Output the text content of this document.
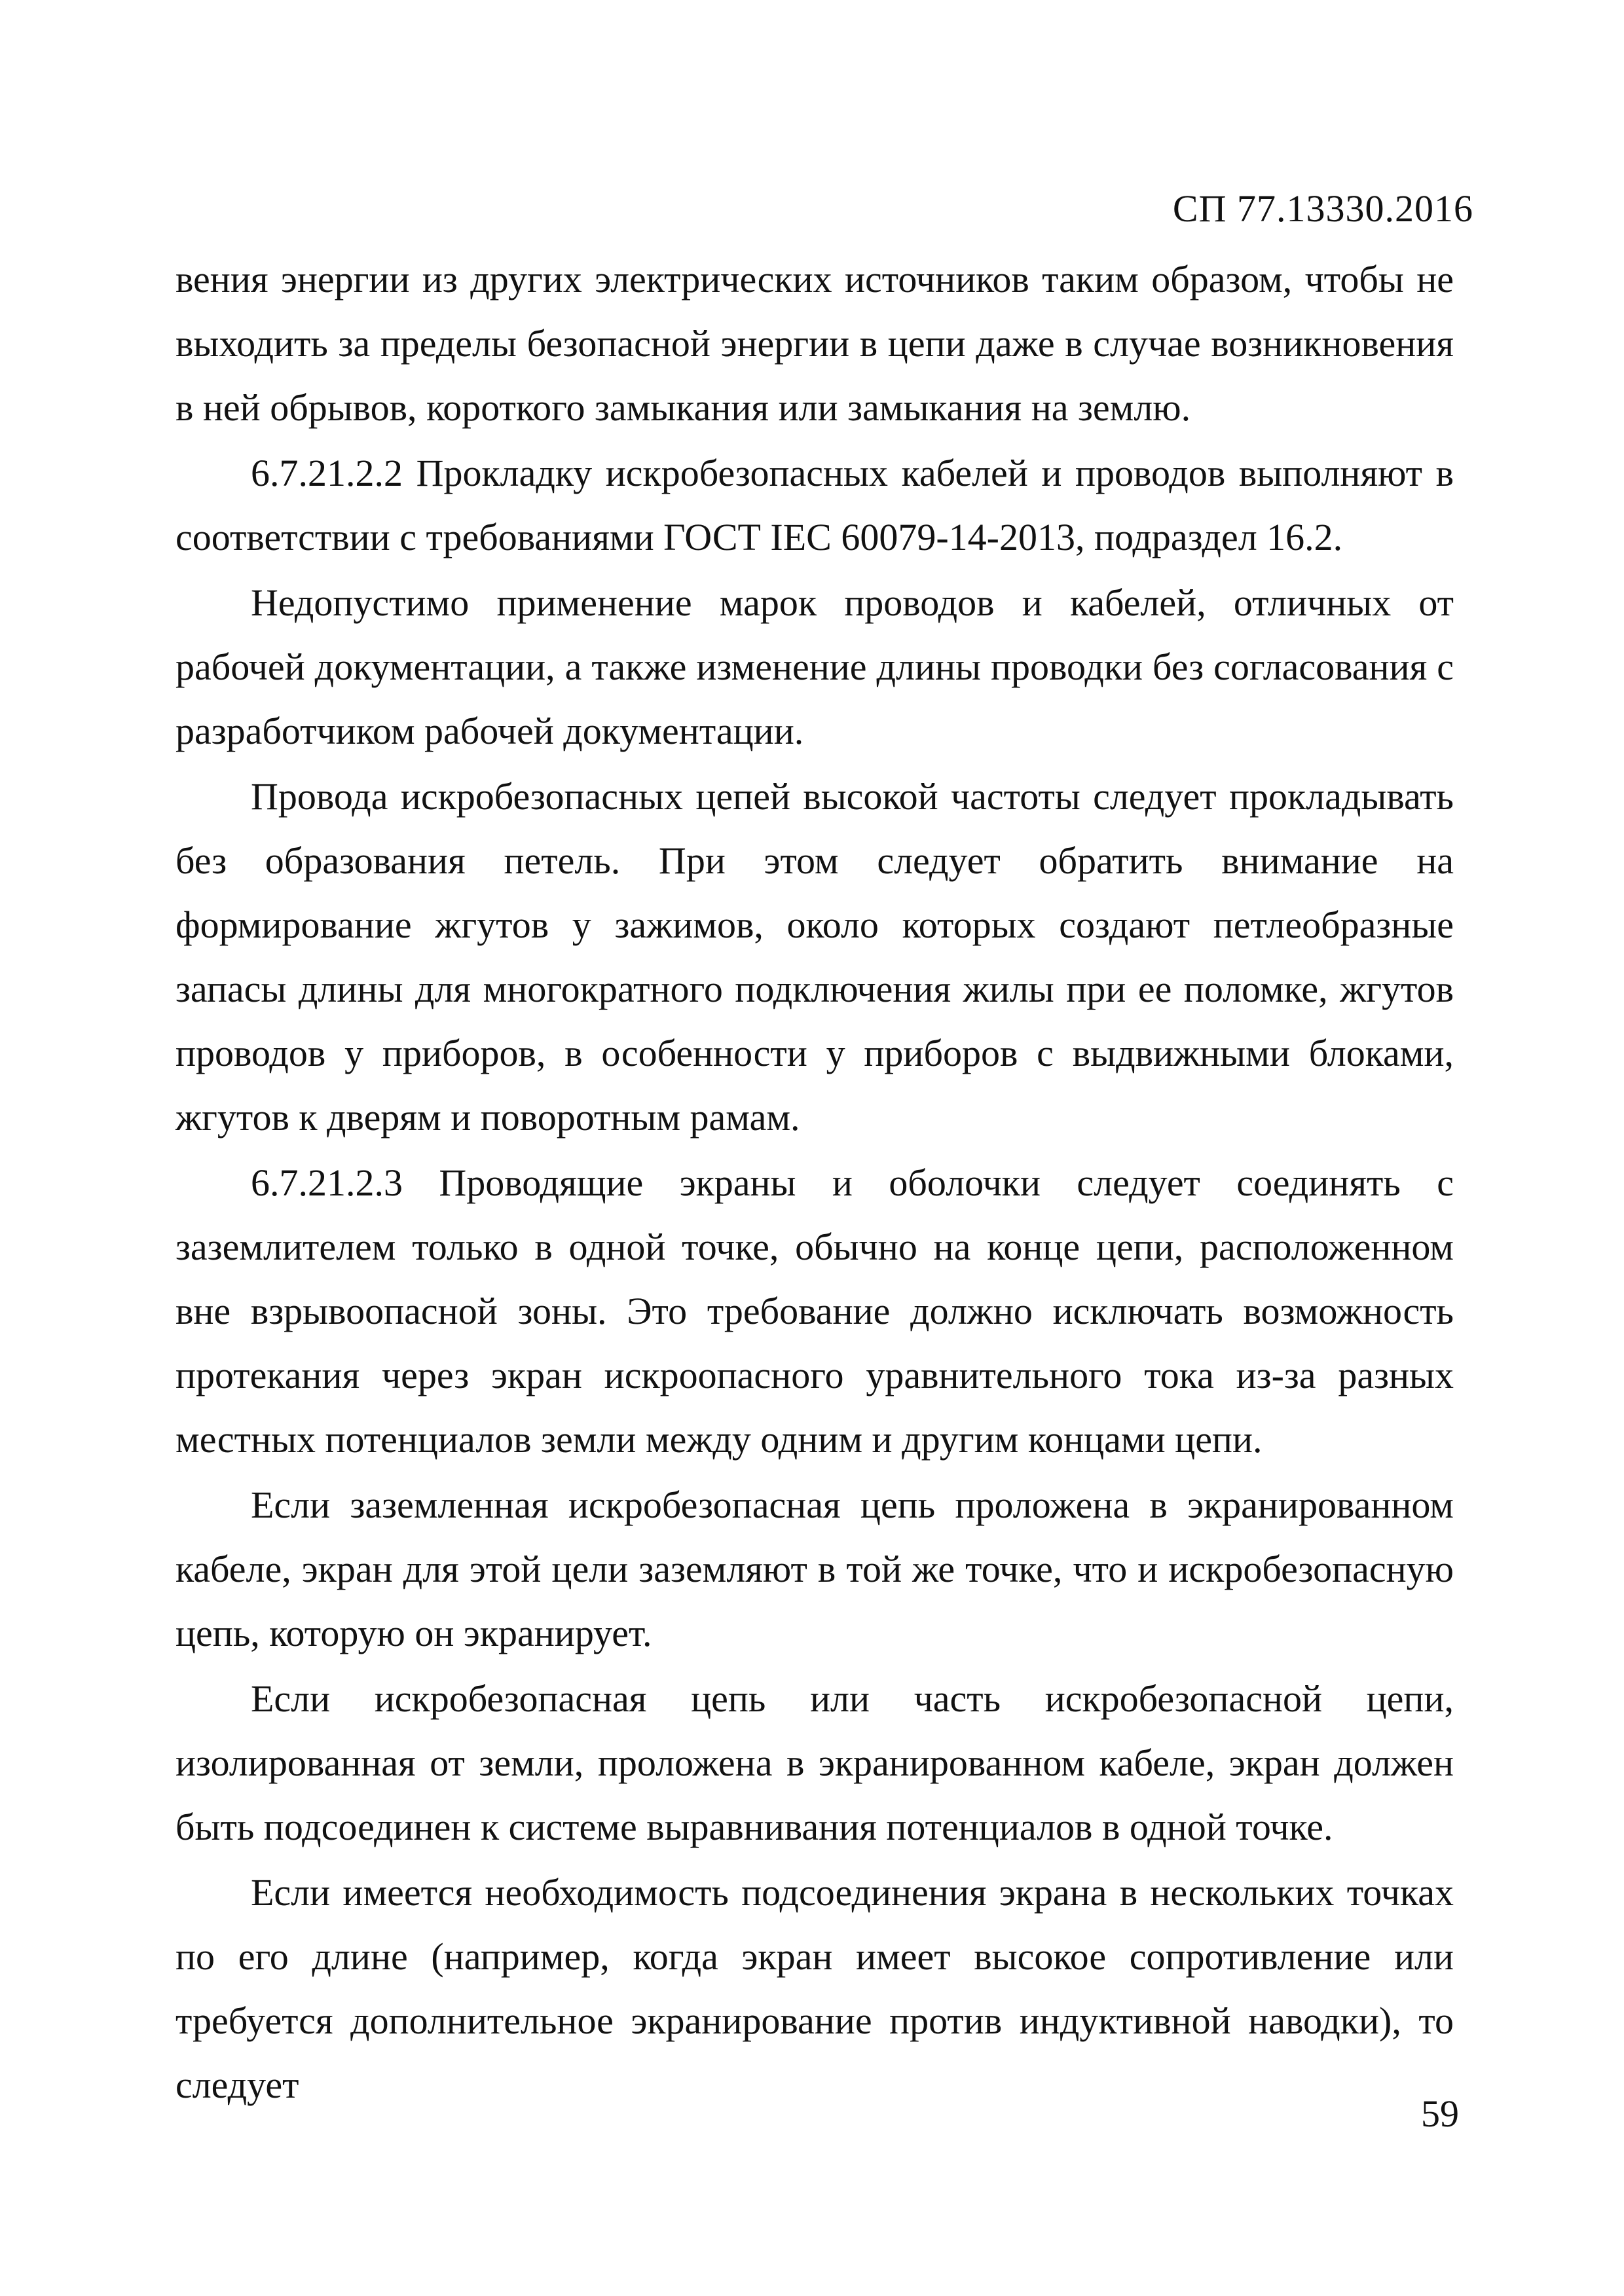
СП 77.13330.2016

вения энергии из других электрических источников таким образом, чтобы не выходить за пределы безопасной энергии в цепи даже в случае возникновения в ней обрывов, короткого замыкания или замыкания на землю.

6.7.21.2.2 Прокладку искробезопасных кабелей и проводов выполняют в соответствии с требованиями ГОСТ IEC 60079-14-2013, подраздел 16.2.

Недопустимо применение марок проводов и кабелей, отличных от рабочей документации, а также изменение длины проводки без согласования с разработчиком рабочей документации.

Провода искробезопасных цепей высокой частоты следует прокладывать без образования петель. При этом следует обратить внимание на формирование жгутов у зажимов, около которых создают петлеобразные запасы длины для многократного подключения жилы при ее поломке, жгутов проводов у приборов, в особенности у приборов с выдвижными блоками, жгутов к дверям и поворотным рамам.

6.7.21.2.3 Проводящие экраны и оболочки следует соединять с заземлителем только в одной точке, обычно на конце цепи, расположенном вне взрывоопасной зоны. Это требование должно исключать возможность протекания через экран искроопасного уравнительного тока из-за разных местных потенциалов земли между одним и другим концами цепи.

Если заземленная искробезопасная цепь проложена в экранированном кабеле, экран для этой цели заземляют в той же точке, что и искробезопасную цепь, которую он экранирует.

Если искробезопасная цепь или часть искробезопасной цепи, изолированная от земли, проложена в экранированном кабеле, экран должен быть подсоединен к системе выравнивания потенциалов в одной точке.

Если имеется необходимость подсоединения экрана в нескольких точках по его длине (например, когда экран имеет высокое сопротивление или требуется дополнительное экранирование против индуктивной наводки), то следует

59
